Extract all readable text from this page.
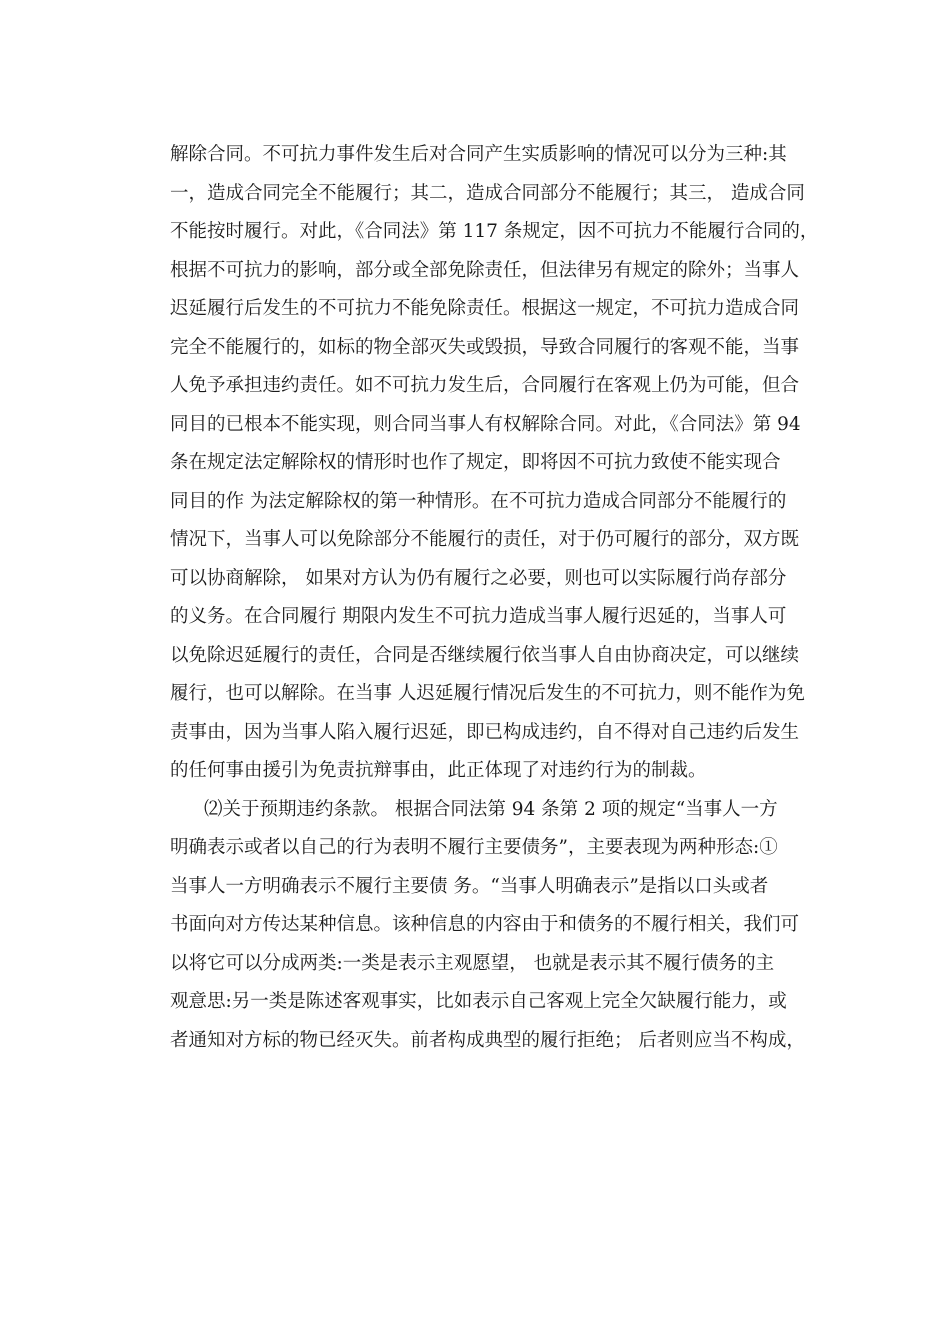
解除合同。不可抗力事件发生后对合同产生实质影响的情况可以分为三种:其
一，造成合同完全不能履行；其二，造成合同部分不能履行；其三， 造成合同
不能按时履行。对此，《合同法》第 117 条规定，因不可抗力不能履行合同的，
根据不可抗力的影响，部分或全部免除责任，但法律另有规定的除外；当事人
迟延履行后发生的不可抗力不能免除责任。根据这一规定，不可抗力造成合同
完全不能履行的，如标的物全部灭失或毁损，导致合同履行的客观不能，当事
人免予承担违约责任。如不可抗力发生后，合同履行在客观上仍为可能，但合
同目的已根本不能实现，则合同当事人有权解除合同。对此，《合同法》第 94
条在规定法定解除权的情形时也作了规定，即将因不可抗力致使不能实现合
同目的作 为法定解除权的第一种情形。在不可抗力造成合同部分不能履行的
情况下，当事人可以免除部分不能履行的责任，对于仍可履行的部分，双方既
可以协商解除， 如果对方认为仍有履行之必要，则也可以实际履行尚存部分
的义务。在合同履行 期限内发生不可抗力造成当事人履行迟延的，当事人可
以免除迟延履行的责任，合同是否继续履行依当事人自由协商决定，可以继续
履行，也可以解除。在当事 人迟延履行情况后发生的不可抗力，则不能作为免
责事由，因为当事人陷入履行迟延，即已构成违约，自不得对自己违约后发生
的任何事由援引为免责抗辩事由，此正体现了对违约行为的制裁。
⑵关于预期违约条款。 根据合同法第 94 条第 2 项的规定“当事人一方
明确表示或者以自己的行为表明不履行主要债务”，主要表现为两种形态:①
当事人一方明确表示不履行主要债 务。“当事人明确表示”是指以口头或者
书面向对方传达某种信息。该种信息的内容由于和债务的不履行相关，我们可
以将它可以分成两类:一类是表示主观愿望， 也就是表示其不履行债务的主
观意思:另一类是陈述客观事实，比如表示自己客观上完全欠缺履行能力，或
者通知对方标的物已经灭失。前者构成典型的履行拒绝； 后者则应当不构成，
